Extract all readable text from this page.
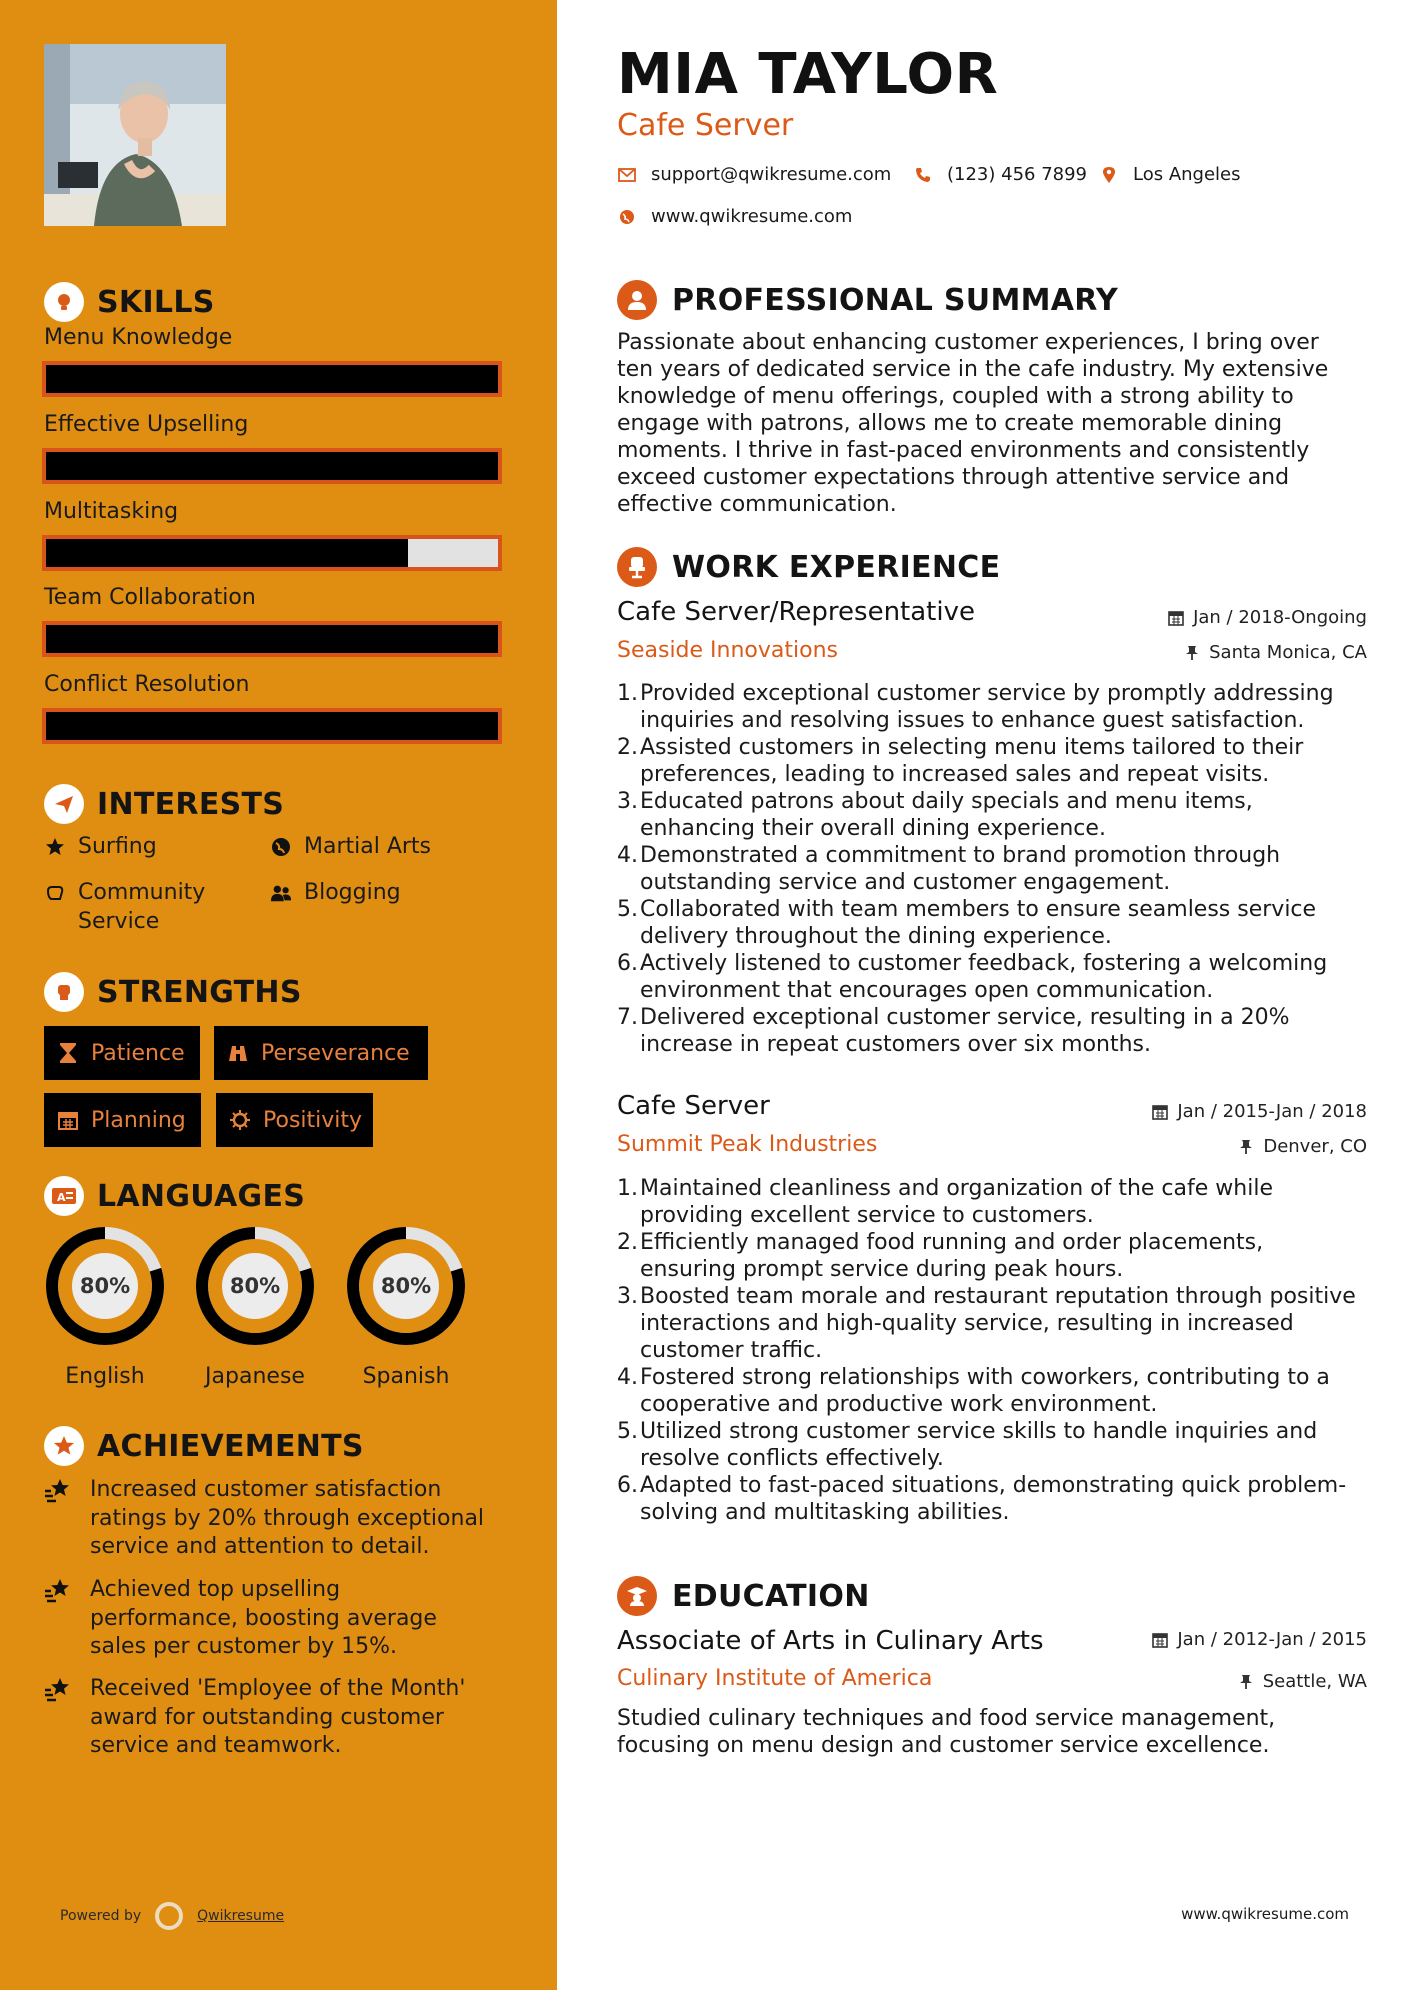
SKILLS
Menu Knowledge
Effective Upselling
Multitasking
Team Collaboration
Conflict Resolution
INTERESTS
Surfing	Martial Arts
Community
Service
Blogging
STRENGTHS
Patience	Perseverance
Planning	Positivity
A LANGUAGES
80%
English
80%
Japanese
80%
Spanish
ACHIEVEMENTS
Increased customer satisfaction ratings by 20% through exceptional service and attention to detail.
Achieved top upselling performance, boosting average sales per customer by 15%.
Received 'Employee of the Month' award for outstanding customer service and teamwork.
Powered by	Qwikresume
MIA TAYLOR
Cafe Server
support@qwikresume.com	(123) 456 7899	Los Angeles
www.qwikresume.com
PROFESSIONAL SUMMARY
Passionate about enhancing customer experiences, I bring over ten years of dedicated service in the cafe industry. My extensive knowledge of menu offerings, coupled with a strong ability to engage with patrons, allows me to create memorable dining moments. I thrive in fast-paced environments and consistently exceed customer expectations through attentive service and effective communication.
WORK EXPERIENCE
Cafe Server/Representative	Jan / 2018-Ongoing
Seaside Innovations	Santa Monica, CA
1. Provided exceptional customer service by promptly addressing inquiries and resolving issues to enhance guest satisfaction.
2. Assisted customers in selecting menu items tailored to their preferences, leading to increased sales and repeat visits.
3. Educated patrons about daily specials and menu items, enhancing their overall dining experience.
4. Demonstrated a commitment to brand promotion through outstanding service and customer engagement.
5. Collaborated with team members to ensure seamless service delivery throughout the dining experience.
6. Actively listened to customer feedback, fostering a welcoming environment that encourages open communication.
7. Delivered exceptional customer service, resulting in a 20% increase in repeat customers over six months.
Cafe Server	Jan / 2015-Jan / 2018
Summit Peak Industries	Denver, CO
1. Maintained cleanliness and organization of the cafe while providing excellent service to customers.
2. Efficiently managed food running and order placements, ensuring prompt service during peak hours.
3. Boosted team morale and restaurant reputation through positive interactions and high-quality service, resulting in increased customer traffic.
4. Fostered strong relationships with coworkers, contributing to a cooperative and productive work environment.
5. Utilized strong customer service skills to handle inquiries and resolve conflicts effectively.
6. Adapted to fast-paced situations, demonstrating quick problem-solving and multitasking abilities.
EDUCATION
Associate of Arts in Culinary Arts	Jan / 2012-Jan / 2015
Culinary Institute of America	Seattle, WA
Studied culinary techniques and food service management, focusing on menu design and customer service excellence.
www.qwikresume.com
